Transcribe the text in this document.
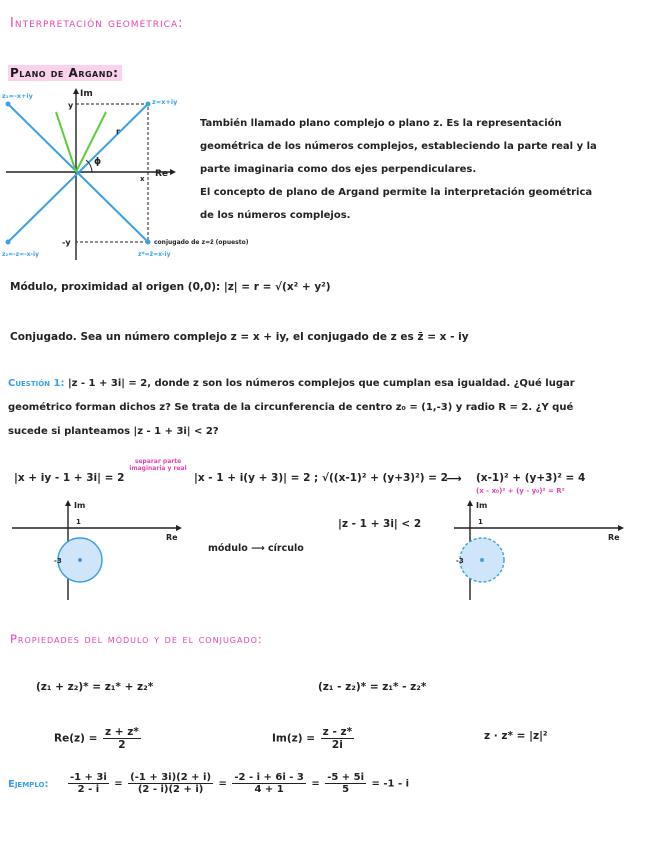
Interpretación geométrica:
Plano de Argand:
Im
Re
z=x+iy
z₁=-x+iy
z₂=-z=-x-iy	z*=z̄=x-iy
conjugado de z=z̄ (opuesto)
y
-y
x
r
ϕ
También llamado plano complejo o plano z. Es la representación
geométrica de los números complejos, estableciendo la parte real y la
parte imaginaria como dos ejes perpendiculares.
El concepto de plano de Argand permite la interpretación geométrica
de los números complejos.
Módulo, proximidad al origen (0,0): |z| = r = √(x² + y²)
Conjugado. Sea un número complejo z = x + iy, el conjugado de z es z̄ = x - iy
Cuestión 1: |z - 1 + 3i| = 2, donde z son los números complejos que cumplan esa igualdad. ¿Qué lugar
geométrico forman dichos z? Se trata de la circunferencia de centro z₀ = (1,-3) y radio R = 2. ¿Y qué
sucede si planteamos |z - 1 + 3i| < 2?
|x + iy - 1 + 3i| = 2
separar parte imaginaria y real
|x - 1 + i(y + 3)| = 2 ; √((x-1)² + (y+3)²) = 2
⟶ (x-1)² + (y+3)² = 4
(x - x₀)² + (y - y₀)² = R²
Im
Re
1
-3
módulo ⟶ círculo
|z - 1 + 3i| < 2
Im
Re
1
-3
Propiedades del módulo y de el conjugado:
(z₁ + z₂)* = z₁* + z₂*	(z₁ - z₂)* = z₁* - z₂*
$Re(z) = \frac{z + z*}{2}$	$Im(z) = \frac{z - z*}{2i}$	z · z* = |z|²
Ejemplo: $\frac{-1 + 3i}{2 - i} = \frac{(-1 + 3i)(2 + i)}{(2 - i)(2 + i)} = \frac{-2 - i + 6i - 3}{4 + 1} = \frac{-5 + 5i}{5} = -1 - i$
